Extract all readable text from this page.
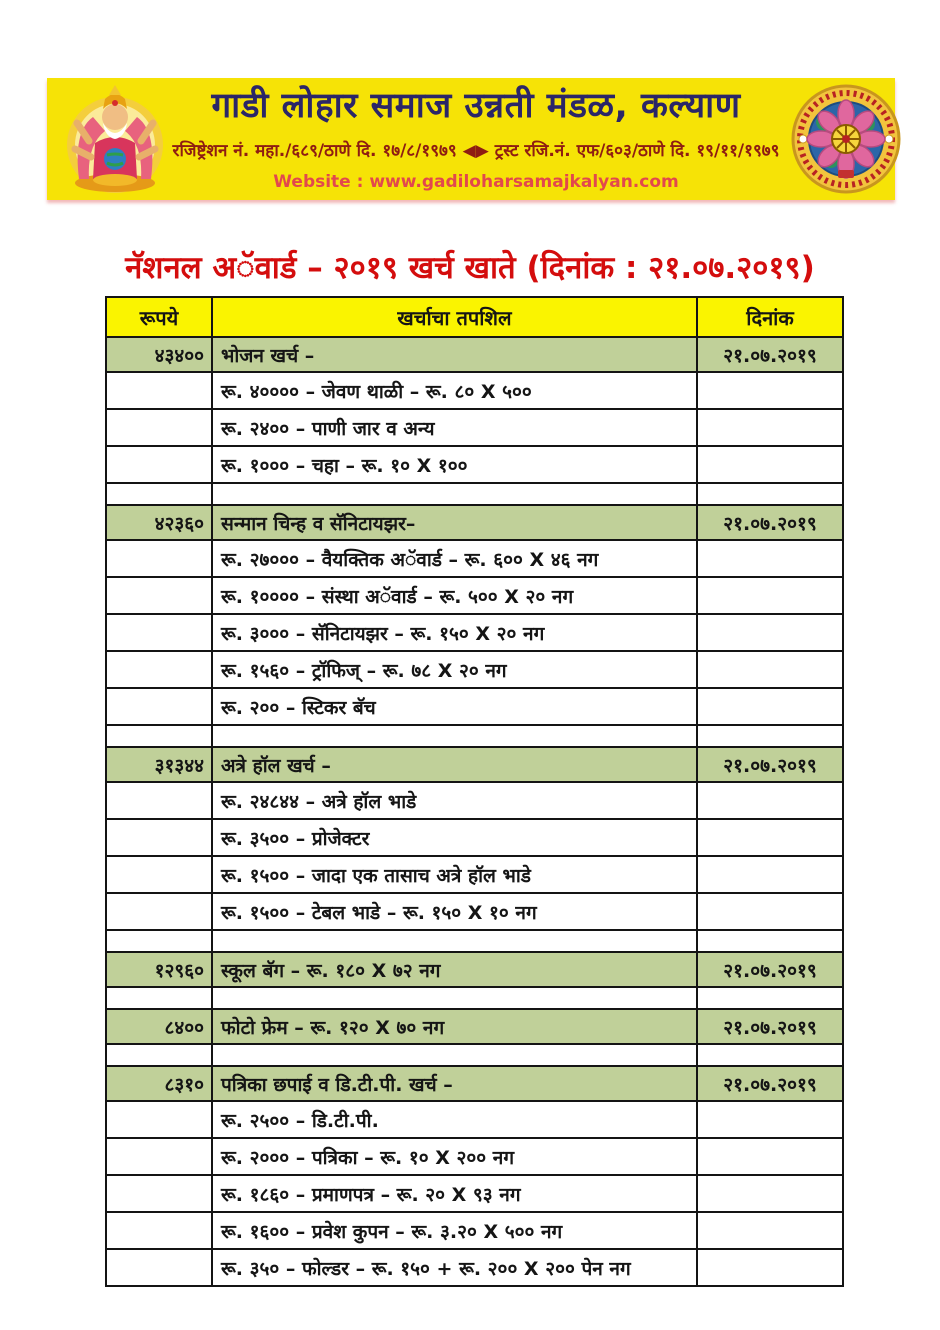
गाडी लोहार समाज उन्नती मंडळ, कल्याण
रजिष्ट्रेशन नं. महा./६८९/ठाणे दि. १७/८/१९७९ ◀▶ ट्रस्ट रजि.नं. एफ/६०३/ठाणे दि. १९/११/१९७९
Website : www.gadiloharsamajkalyan.com
नॅशनल अॅवार्ड – २०१९ खर्च खाते (दिनांक : २१.०७.२०१९)
रूपये	खर्चाचा तपशिल	दिनांक
४३४००	भोजन खर्च –	२१.०७.२०१९
	रू. ४०००० – जेवण थाळी – रू. ८० X ५००	
	रू. २४०० – पाणी जार व अन्य	
	रू. १००० – चहा – रू. १० X १००	

४२३६०	सन्मान चिन्ह व सॅनिटायझर–	२१.०७.२०१९
	रू. २७००० – वैयक्तिक अॅवार्ड – रू. ६०० X ४६ नग	
	रू. १०००० – संस्था अॅवार्ड – रू. ५०० X २० नग	
	रू. ३००० – सॅनिटायझर – रू. १५० X २० नग	
	रू. १५६० – ट्रॉफिज् – रू. ७८ X २० नग	
	रू. २०० – स्टिकर बॅच	

३१३४४	अत्रे हॉल खर्च –	२१.०७.२०१९
	रू. २४८४४ – अत्रे हॉल भाडे	
	रू. ३५०० – प्रोजेक्टर	
	रू. १५०० – जादा एक तासाच अत्रे हॉल भाडे	
	रू. १५०० – टेबल भाडे – रू. १५० X १० नग	

१२९६०	स्कूल बॅग – रू. १८० X ७२ नग	२१.०७.२०१९

८४००	फोटो फ्रेम – रू. १२० X ७० नग	२१.०७.२०१९

८३१०	पत्रिका छपाई व डि.टी.पी. खर्च –	२१.०७.२०१९
	रू. २५०० – डि.टी.पी.	
	रू. २००० – पत्रिका – रू. १० X २०० नग	
	रू. १८६० – प्रमाणपत्र – रू. २० X ९३ नग	
	रू. १६०० – प्रवेश कुपन – रू. ३.२० X ५०० नग	
	रू. ३५० – फोल्डर – रू. १५० + रू. २०० X २०० पेन नग	
